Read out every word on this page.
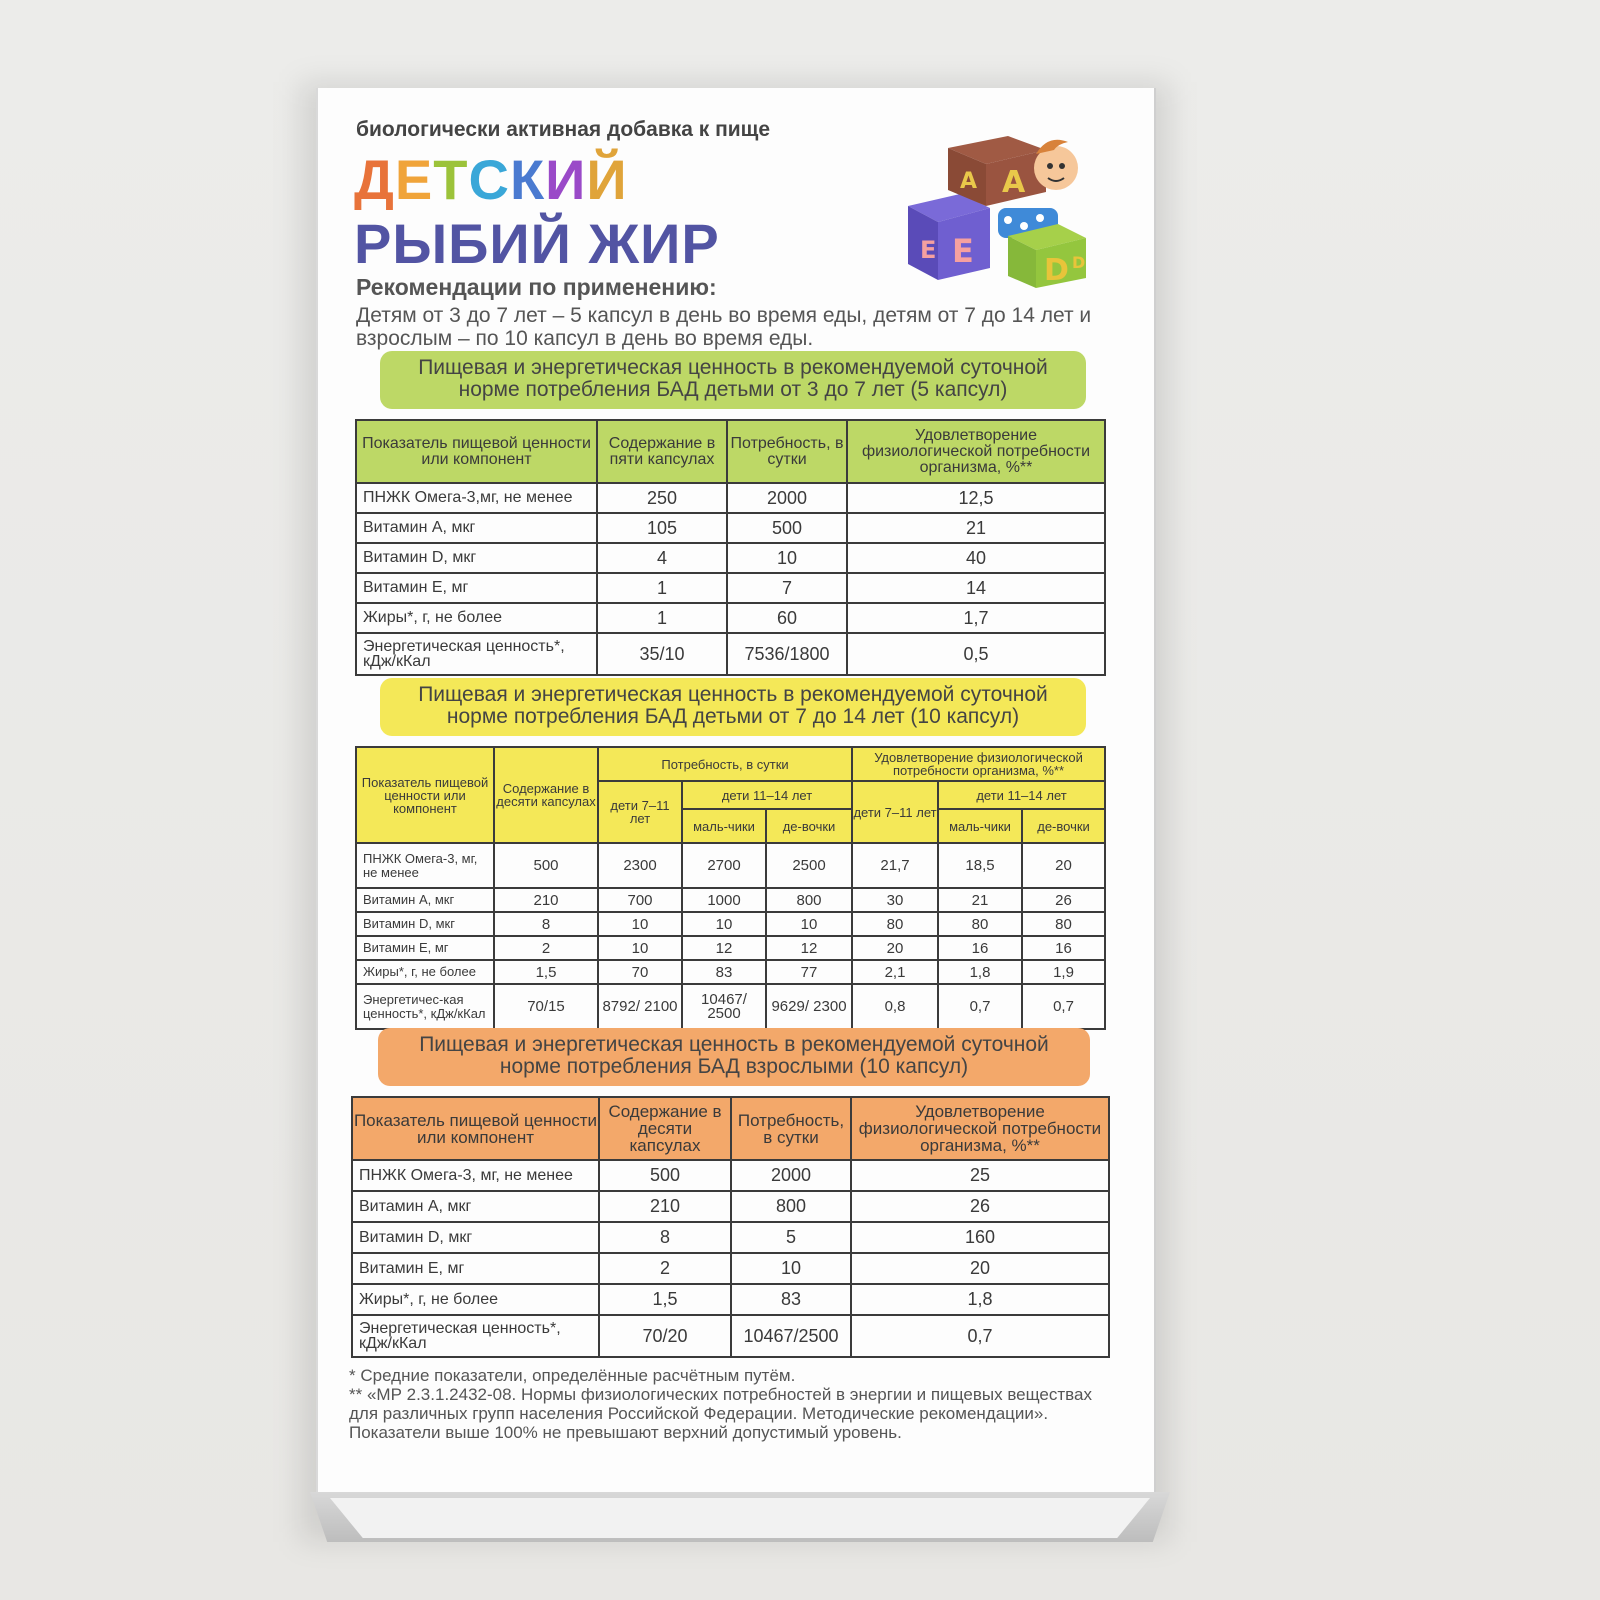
биологически активная добавка к пище
ДЕТСКИЙ
РЫБИЙ ЖИР	E E
A A
D D
Рекомендации по применению:
Детям от 3 до 7 лет – 5 капсул в день во время еды, детям от 7 до 14 лет и взрослым – по 10 капсул в день во время еды.
Пищевая и энергетическая ценность в рекомендуемой суточной норме потребления БАД детьми от 3 до 7 лет (5 капсул)
Показатель пищевой ценности или компонент	Содержание в пяти капсулах	Потребность, в сутки	Удовлетворение физиологической потребности организма, %**
ПНЖК Омега-3,мг, не менее	250	2000	12,5
Витамин А, мкг	105	500	21
Витамин D, мкг	4	10	40
Витамин Е, мг	1	7	14
Жиры*, г, не более	1	60	1,7
Энергетическая ценность*, кДж/кКал	35/10	7536/1800	0,5
Пищевая и энергетическая ценность в рекомендуемой суточной норме потребления БАД детьми от 7 до 14 лет (10 капсул)
Показатель пищевой ценности или компонент	Содержание в десяти капсулах	Потребность, в сутки			Удовлетворение физиологической потребности организма, %**		
		дети 7–11 лет	дети 11–14 лет		дети 7–11 лет	дети 11–14 лет	
			маль-чики	де-вочки		маль-чики	де-вочки
ПНЖК Омега-3, мг, не менее	500	2300	2700	2500	21,7	18,5	20
Витамин А, мкг	210	700	1000	800	30	21	26
Витамин D, мкг	8	10	10	10	80	80	80
Витамин Е, мг	2	10	12	12	20	16	16
Жиры*, г, не более	1,5	70	83	77	2,1	1,8	1,9
Энергетичес-кая ценность*, кДж/кКал	70/15	8792/ 2100	10467/ 2500	9629/ 2300	0,8	0,7	0,7
Пищевая и энергетическая ценность в рекомендуемой суточной норме потребления БАД взрослыми (10 капсул)
Показатель пищевой ценности или компонент	Содержание в десяти капсулах	Потребность, в сутки	Удовлетворение физиологической потребности организма, %**
ПНЖК Омега-3, мг, не менее	500	2000	25
Витамин А, мкг	210	800	26
Витамин D, мкг	8	5	160
Витамин Е, мг	2	10	20
Жиры*, г, не более	1,5	83	1,8
Энергетическая ценность*, кДж/кКал	70/20	10467/2500	0,7

* Средние показатели, определённые расчётным путём.

** «МР 2.3.1.2432-08. Нормы физиологических потребностей в энергии и пищевых веществах для различных групп населения Российской Федерации. Методические рекомендации».

Показатели выше 100% не превышают верхний допустимый уровень.
